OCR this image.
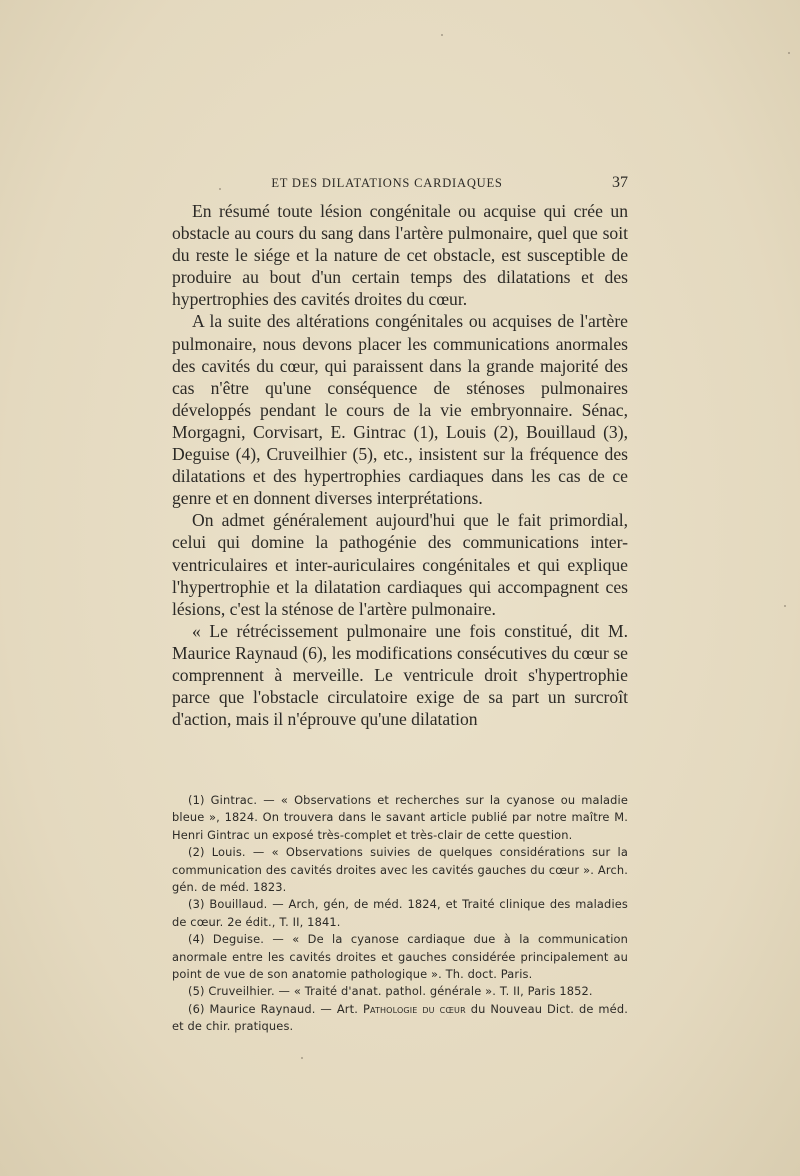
ET DES DILATATIONS CARDIAQUES	37

En résumé toute lésion congénitale ou acquise qui crée un obstacle au cours du sang dans l'artère pulmonaire, quel que soit du reste le siége et la nature de cet obstacle, est susceptible de produire au bout d'un certain temps des dilatations et des hypertrophies des cavités droites du cœur.

A la suite des altérations congénitales ou acquises de l'artère pulmonaire, nous devons placer les communications anormales des cavités du cœur, qui paraissent dans la grande majorité des cas n'être qu'une conséquence de sténoses pulmonaires développés pendant le cours de la vie embryonnaire. Sénac, Morgagni, Corvisart, E. Gintrac (1), Louis (2), Bouillaud (3), Deguise (4), Cruveilhier (5), etc., insistent sur la fréquence des dilatations et des hypertrophies cardiaques dans les cas de ce genre et en donnent diverses interprétations.

On admet généralement aujourd'hui que le fait primordial, celui qui domine la pathogénie des communications inter-ventriculaires et inter-auriculaires congénitales et qui explique l'hypertrophie et la dilatation cardiaques qui accompagnent ces lésions, c'est la sténose de l'artère pulmonaire.

« Le rétrécissement pulmonaire une fois constitué, dit M. Maurice Raynaud (6), les modifications consécutives du cœur se comprennent à merveille. Le ventricule droit s'hypertrophie parce que l'obstacle circulatoire exige de sa part un surcroît d'action, mais il n'éprouve qu'une dilatation

(1) Gintrac. — « Observations et recherches sur la cyanose ou maladie bleue », 1824. On trouvera dans le savant article publié par notre maître M. Henri Gintrac un exposé très-complet et très-clair de cette question.

(2) Louis. — « Observations suivies de quelques considérations sur la communication des cavités droites avec les cavités gauches du cœur ». Arch. gén. de méd. 1823.

(3) Bouillaud. — Arch, gén, de méd. 1824, et Traité clinique des maladies de cœur. 2e édit., T. II, 1841.

(4) Deguise. — « De la cyanose cardiaque due à la communication anormale entre les cavités droites et gauches considérée principalement au point de vue de son anatomie pathologique ». Th. doct. Paris.

(5) Cruveilhier. — « Traité d'anat. pathol. générale ». T. II, Paris 1852.

(6) Maurice Raynaud. — Art. Pathologie du cœur du Nouveau Dict. de méd. et de chir. pratiques.
